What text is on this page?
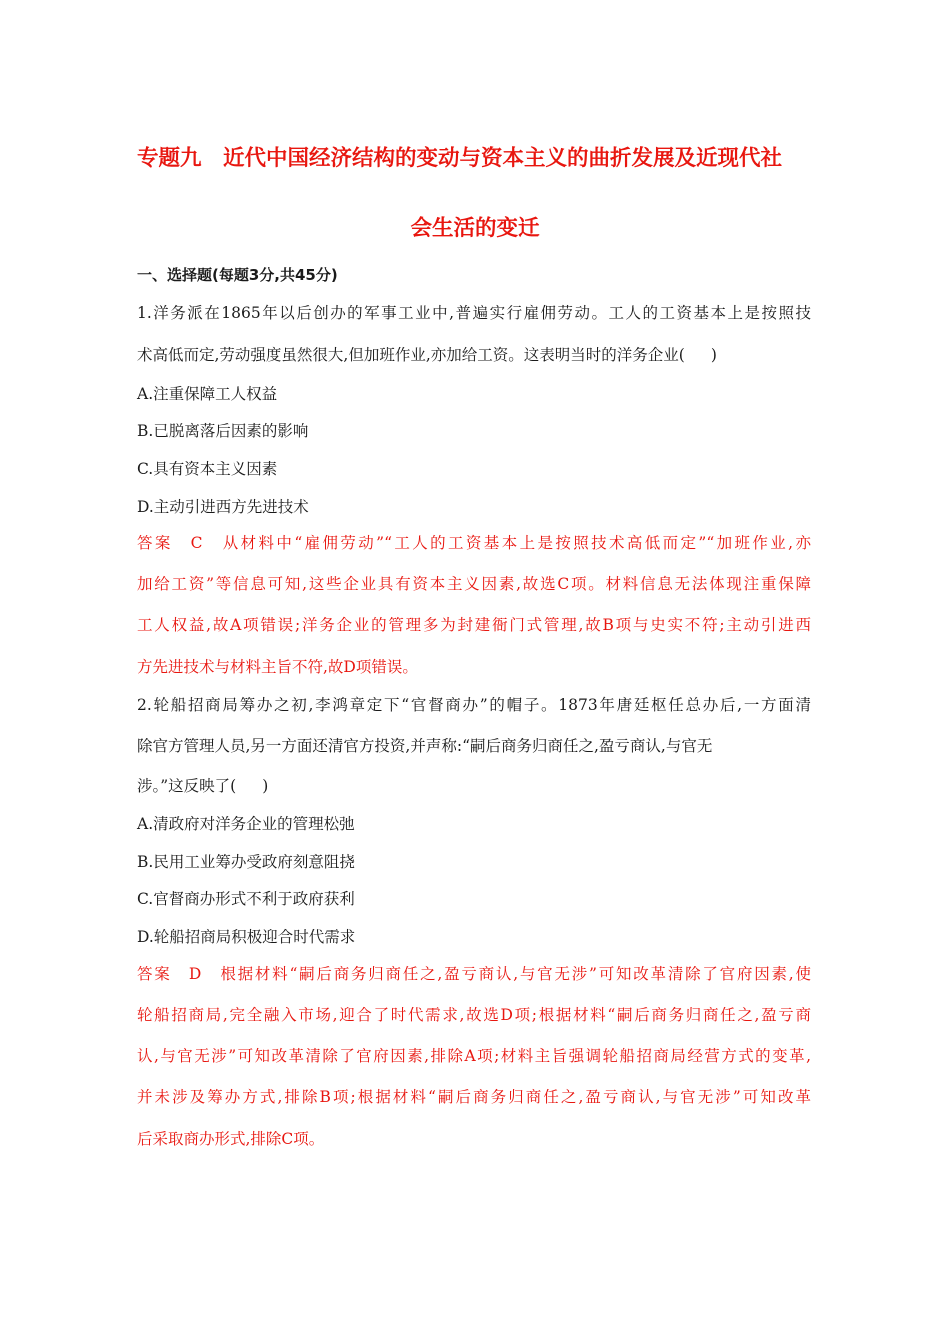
专题九　近代中国经济结构的变动与资本主义的曲折发展及近现代社
会生活的变迁
一、选择题(每题3分,共45分)
1.洋务派在1865年以后创办的军事工业中,普遍实行雇佣劳动。工人的工资基本上是按照技
术高低而定,劳动强度虽然很大,但加班作业,亦加给工资。这表明当时的洋务企业( )
A.注重保障工人权益
B.已脱离落后因素的影响
C.具有资本主义因素
D.主动引进西方先进技术
答案　C　从材料中“雇佣劳动”“工人的工资基本上是按照技术高低而定”“加班作业,亦
加给工资”等信息可知,这些企业具有资本主义因素,故选C项。材料信息无法体现注重保障
工人权益,故A项错误;洋务企业的管理多为封建衙门式管理,故B项与史实不符;主动引进西
方先进技术与材料主旨不符,故D项错误。
2.轮船招商局筹办之初,李鸿章定下“官督商办”的帽子。1873年唐廷枢任总办后,一方面清
除官方管理人员,另一方面还清官方投资,并声称:“嗣后商务归商任之,盈亏商认,与官无
涉。”这反映了( )
A.清政府对洋务企业的管理松弛
B.民用工业筹办受政府刻意阻挠
C.官督商办形式不利于政府获利
D.轮船招商局积极迎合时代需求
答案　D　根据材料“嗣后商务归商任之,盈亏商认,与官无涉”可知改革清除了官府因素,使
轮船招商局,完全融入市场,迎合了时代需求,故选D项;根据材料“嗣后商务归商任之,盈亏商
认,与官无涉”可知改革清除了官府因素,排除A项;材料主旨强调轮船招商局经营方式的变革,
并未涉及筹办方式,排除B项;根据材料“嗣后商务归商任之,盈亏商认,与官无涉”可知改革
后采取商办形式,排除C项。
